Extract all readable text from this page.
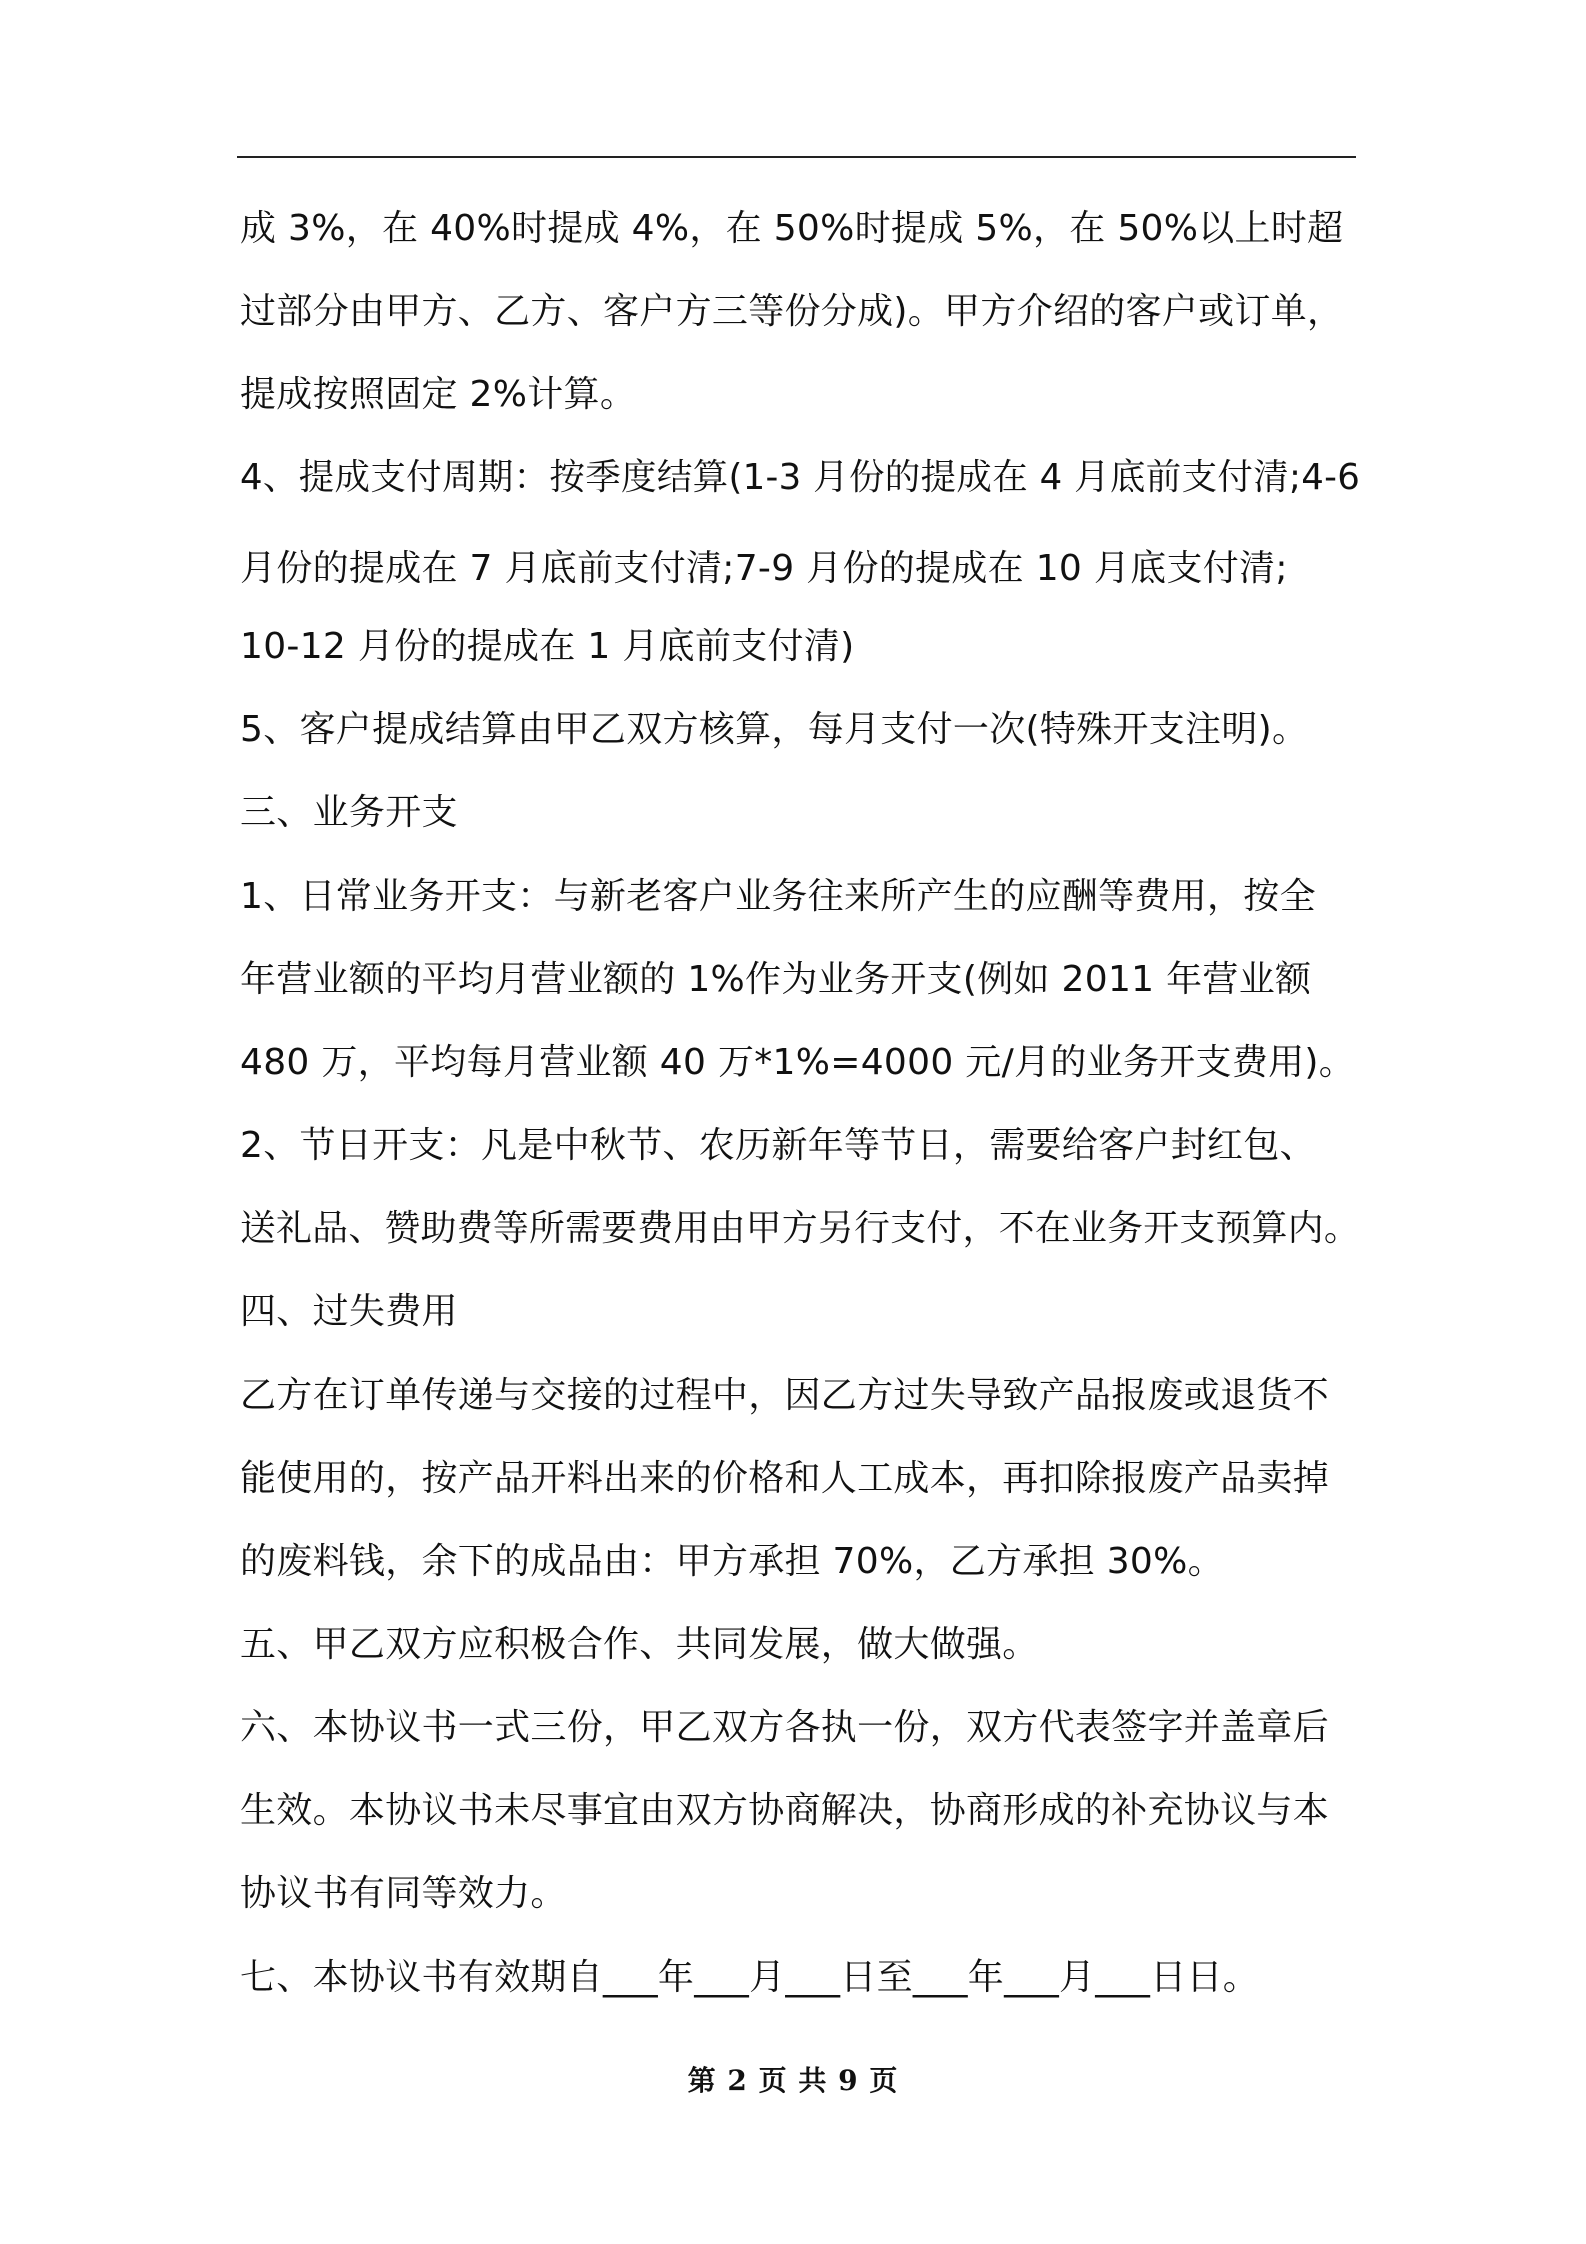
成 3%，在 40%时提成 4%，在 50%时提成 5%，在 50%以上时超
过部分由甲方、乙方、客户方三等份分成)。甲方介绍的客户或订单，
提成按照固定 2%计算。
4、提成支付周期：按季度结算(1-3 月份的提成在 4 月底前支付清;4-6
月份的提成在 7 月底前支付清;7-9 月份的提成在 10 月底支付清;
10-12 月份的提成在 1 月底前支付清)
5、客户提成结算由甲乙双方核算，每月支付一次(特殊开支注明)。
三、业务开支
1、日常业务开支：与新老客户业务往来所产生的应酬等费用，按全
年营业额的平均月营业额的 1%作为业务开支(例如 2011 年营业额
480 万，平均每月营业额 40 万*1%=4000 元/月的业务开支费用)。
2、节日开支：凡是中秋节、农历新年等节日，需要给客户封红包、
送礼品、赞助费等所需要费用由甲方另行支付，不在业务开支预算内。
四、过失费用
乙方在订单传递与交接的过程中，因乙方过失导致产品报废或退货不
能使用的，按产品开料出来的价格和人工成本，再扣除报废产品卖掉
的废料钱，余下的成品由：甲方承担 70%，乙方承担 30%。
五、甲乙双方应积极合作、共同发展，做大做强。
六、本协议书一式三份，甲乙双方各执一份，双方代表签字并盖章后
生效。本协议书未尽事宜由双方协商解决，协商形成的补充协议与本
协议书有同等效力。
七、本协议书有效期自___年___月___日至___年___月___日日。
第 2 页 共 9 页
